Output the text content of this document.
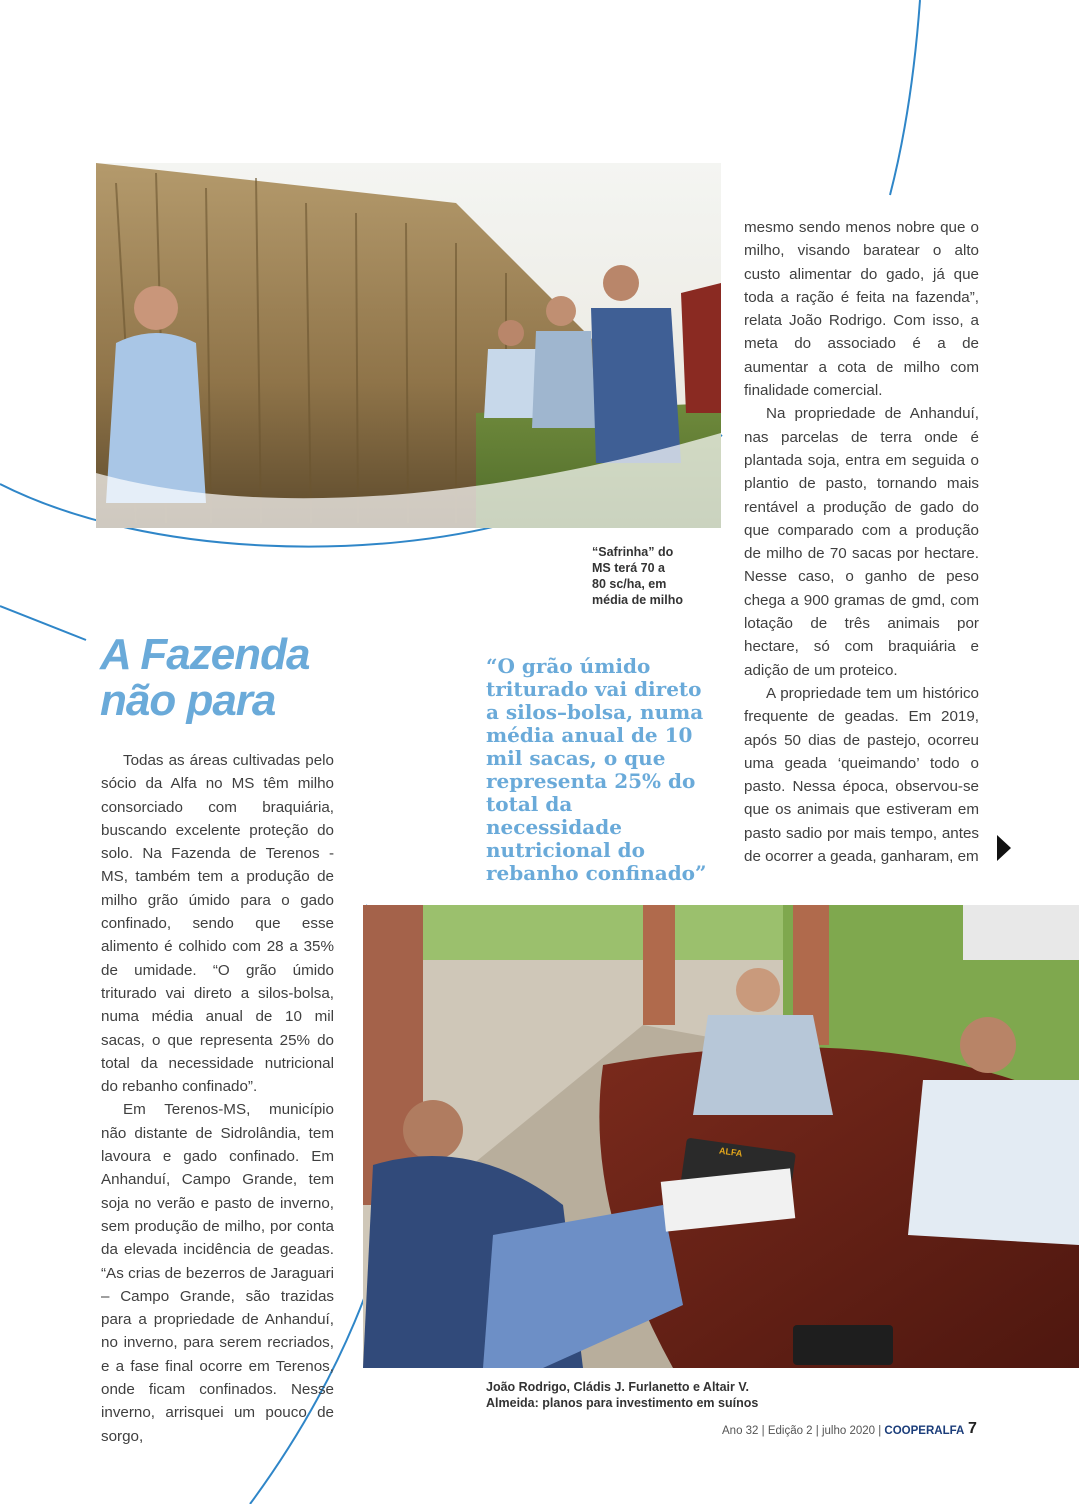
“Safrinha” do
MS terá 70 a
80 sc/ha, em
média de milho
A Fazenda
não para
“O grão úmido triturado vai direto a silos–bolsa, numa média anual de 10 mil sacas, o que representa 25% do total da necessidade nutricional do rebanho confinado”

mesmo sendo menos nobre que o milho, visando baratear o alto custo alimentar do gado, já que toda a ração é feita na fazenda”, relata João Rodrigo. Com isso, a meta do associado é a de aumentar a cota de milho com finalidade comercial.

Na propriedade de Anhanduí, nas parcelas de terra onde é plantada soja, entra em seguida o plantio de pasto, tornando mais rentável a produção de gado do que comparado com a produção de milho de 70 sacas por hectare. Nesse caso, o ganho de peso chega a 900 gramas de gmd, com lotação de três animais por hectare, só com braquiária e adição de um proteico.

A propriedade tem um histórico frequente de geadas. Em 2019, após 50 dias de pastejo, ocorreu uma geada ‘queimando’ todo o pasto. Nessa época, observou-se que os animais que estiveram em pasto sadio por mais tempo, antes de ocorrer a geada, ganharam, em

Todas as áreas cultivadas pelo sócio da Alfa no MS têm milho consorciado com braquiária, buscando excelente proteção do solo. Na Fazenda de Terenos - MS, também tem a produção de milho grão úmido para o gado confinado, sendo que esse alimento é colhido com 28 a 35% de umidade. “O grão úmido triturado vai direto a silos-bolsa, numa média anual de 10 mil sacas, o que representa 25% do total da necessidade nutricional do rebanho confinado”.

Em Terenos-MS, município não distante de Sidrolândia, tem lavoura e gado confinado. Em Anhanduí, Campo Grande, tem soja no verão e pasto de inverno, sem produção de milho, por conta da elevada incidência de geadas. “As crias de bezerros de Jaraguari – Campo Grande, são trazidas para a propriedade de Anhanduí, no inverno, para serem recriados, e a fase final ocorre em Terenos, onde ficam confinados. Nesse inverno, arrisquei um pouco de sorgo,

João Rodrigo, Cládis J. Furlanetto e Altair V.
Almeida: planos para investimento em suínos
ALFA
Ano 32 | Edição 2 | julho 2020 | COOPERALFA 7
